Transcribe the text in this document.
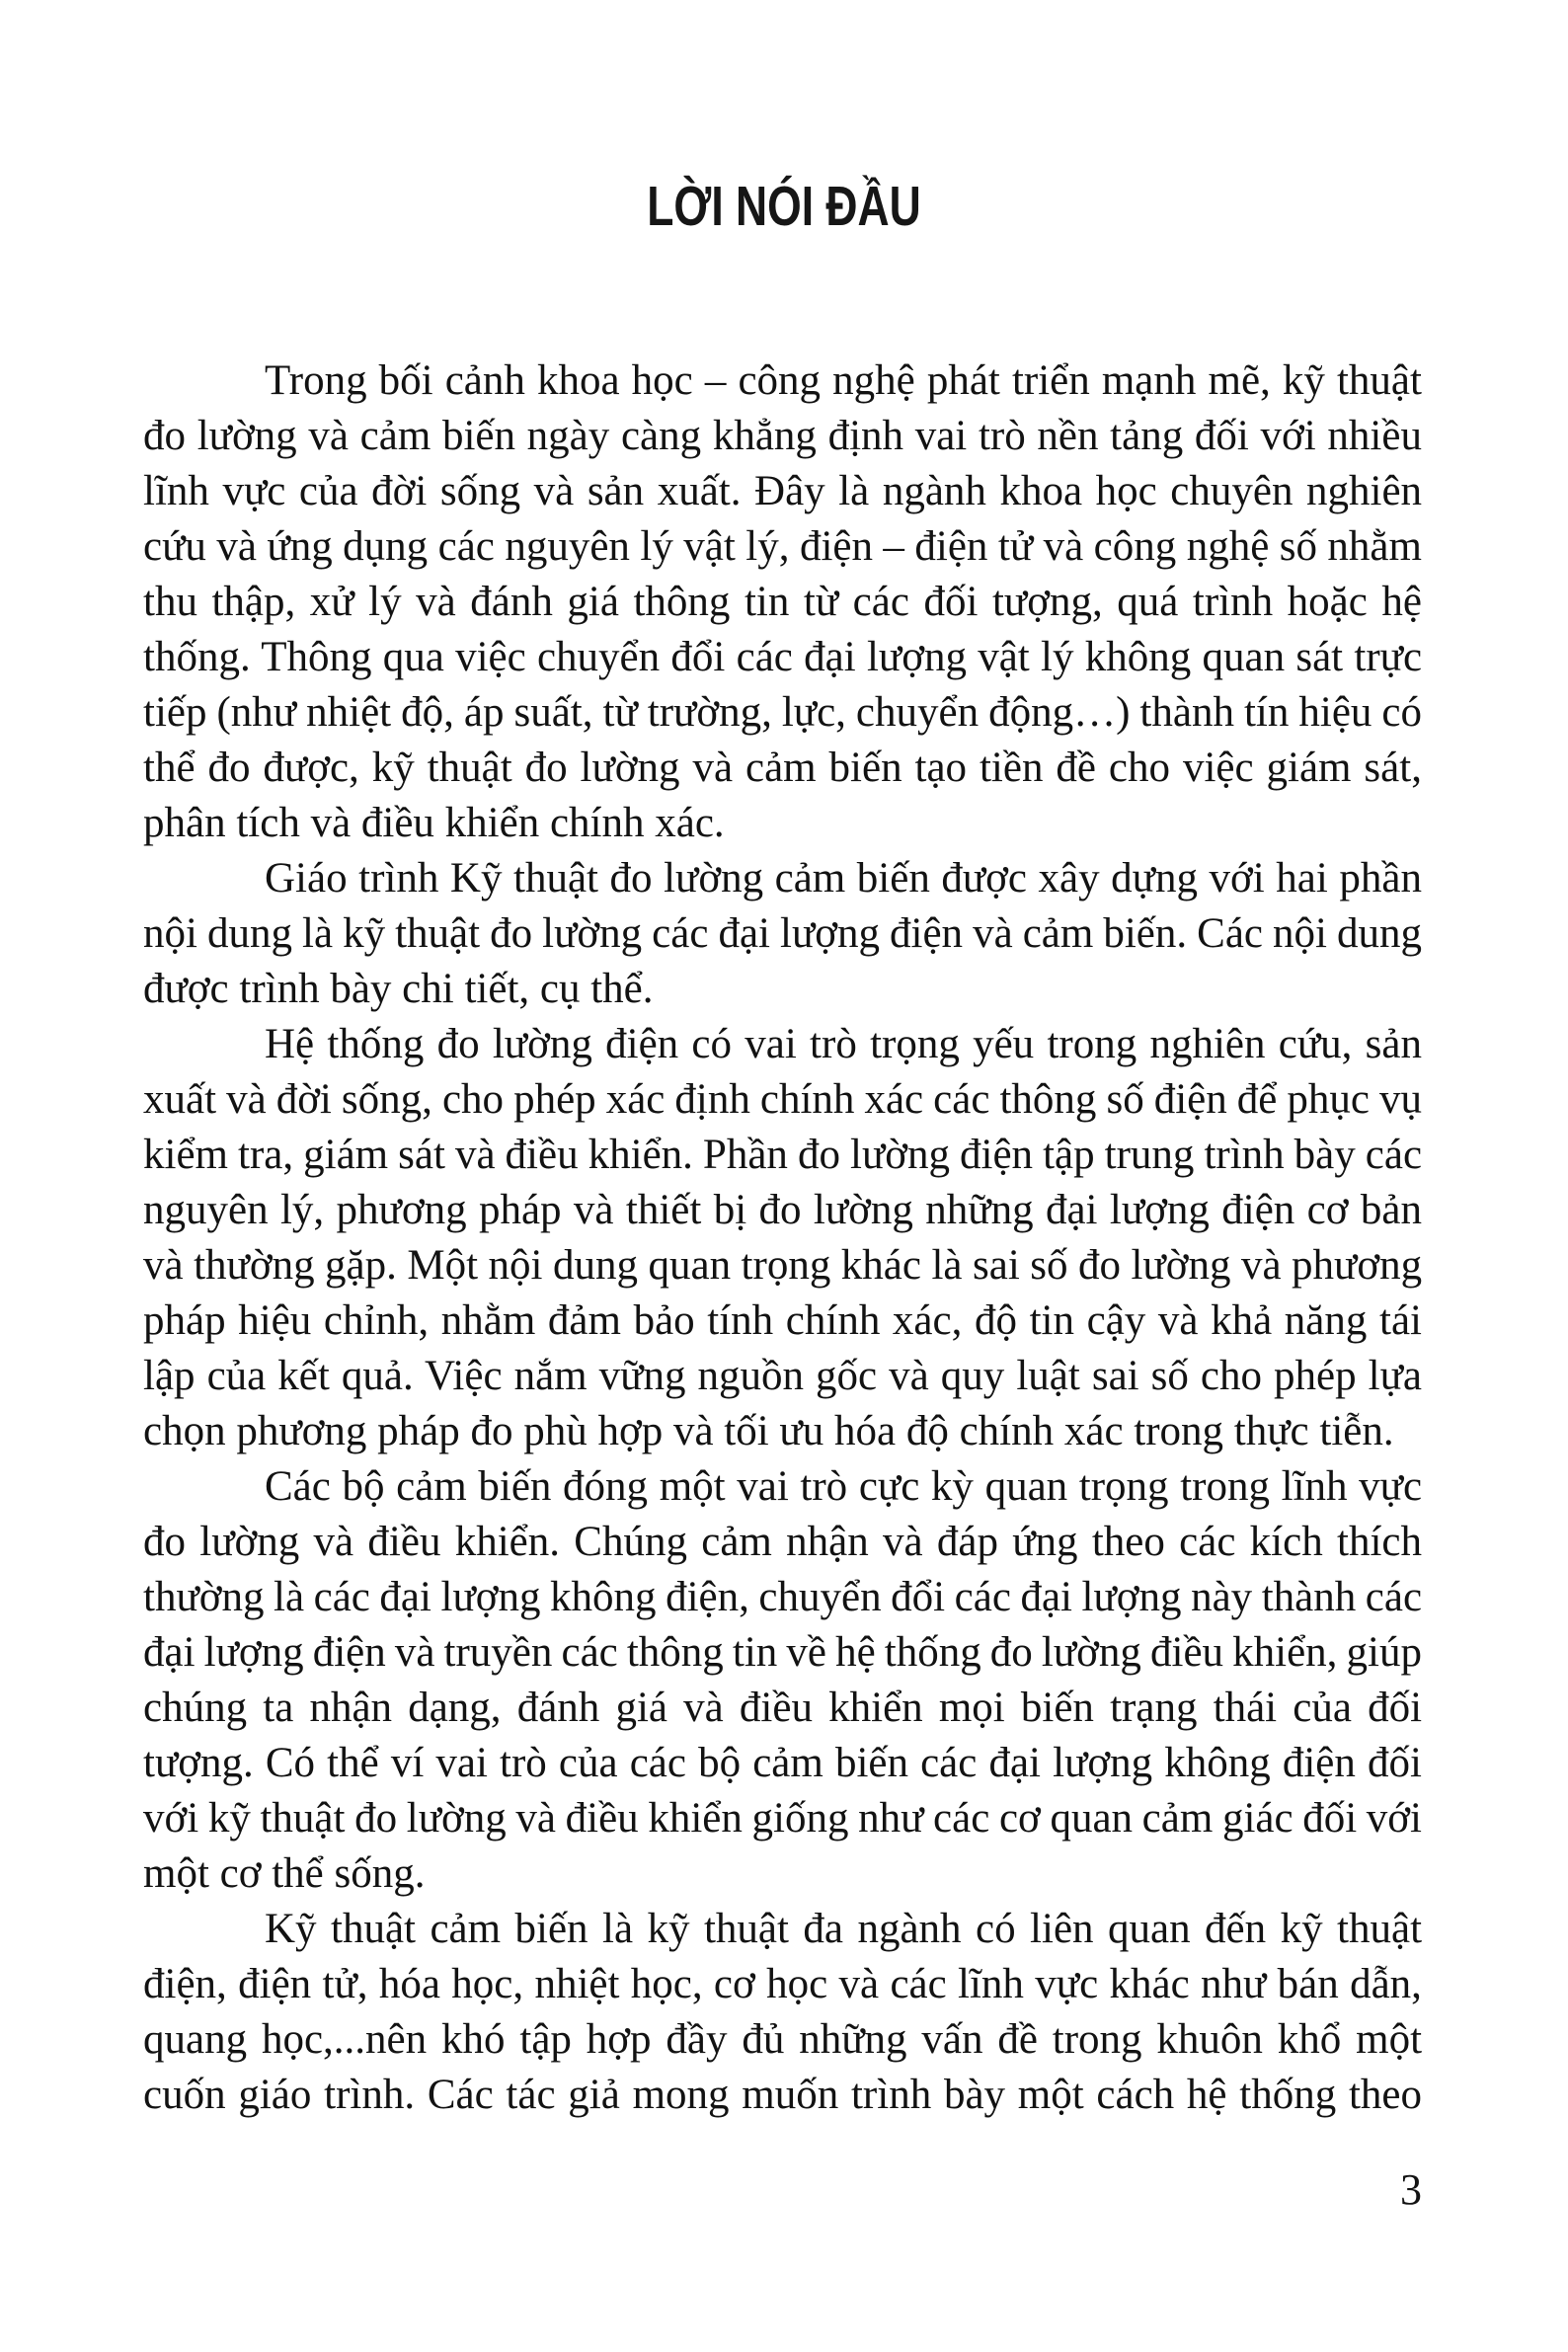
LỜI NÓI ĐẦU
Trong bối cảnh khoa học – công nghệ phát triển mạnh mẽ, kỹ thuật
đo lường và cảm biến ngày càng khẳng định vai trò nền tảng đối với nhiều
lĩnh vực của đời sống và sản xuất. Đây là ngành khoa học chuyên nghiên
cứu và ứng dụng các nguyên lý vật lý, điện – điện tử và công nghệ số nhằm
thu thập, xử lý và đánh giá thông tin từ các đối tượng, quá trình hoặc hệ
thống. Thông qua việc chuyển đổi các đại lượng vật lý không quan sát trực
tiếp (như nhiệt độ, áp suất, từ trường, lực, chuyển động…) thành tín hiệu có
thể đo được, kỹ thuật đo lường và cảm biến tạo tiền đề cho việc giám sát,
phân tích và điều khiển chính xác.
Giáo trình Kỹ thuật đo lường cảm biến được xây dựng với hai phần
nội dung là kỹ thuật đo lường các đại lượng điện và cảm biến. Các nội dung
được trình bày chi tiết, cụ thể.
Hệ thống đo lường điện có vai trò trọng yếu trong nghiên cứu, sản
xuất và đời sống, cho phép xác định chính xác các thông số điện để phục vụ
kiểm tra, giám sát và điều khiển. Phần đo lường điện tập trung trình bày các
nguyên lý, phương pháp và thiết bị đo lường những đại lượng điện cơ bản
và thường gặp. Một nội dung quan trọng khác là sai số đo lường và phương
pháp hiệu chỉnh, nhằm đảm bảo tính chính xác, độ tin cậy và khả năng tái
lập của kết quả. Việc nắm vững nguồn gốc và quy luật sai số cho phép lựa
chọn phương pháp đo phù hợp và tối ưu hóa độ chính xác trong thực tiễn.
Các bộ cảm biến đóng một vai trò cực kỳ quan trọng trong lĩnh vực
đo lường và điều khiển. Chúng cảm nhận và đáp ứng theo các kích thích
thường là các đại lượng không điện, chuyển đổi các đại lượng này thành các
đại lượng điện và truyền các thông tin về hệ thống đo lường điều khiển, giúp
chúng ta nhận dạng, đánh giá và điều khiển mọi biến trạng thái của đối
tượng. Có thể ví vai trò của các bộ cảm biến các đại lượng không điện đối
với kỹ thuật đo lường và điều khiển giống như các cơ quan cảm giác đối với
một cơ thể sống.
Kỹ thuật cảm biến là kỹ thuật đa ngành có liên quan đến kỹ thuật
điện, điện tử, hóa học, nhiệt học, cơ học và các lĩnh vực khác như bán dẫn,
quang học,...nên khó tập hợp đầy đủ những vấn đề trong khuôn khổ một
cuốn giáo trình. Các tác giả mong muốn trình bày một cách hệ thống theo
3
